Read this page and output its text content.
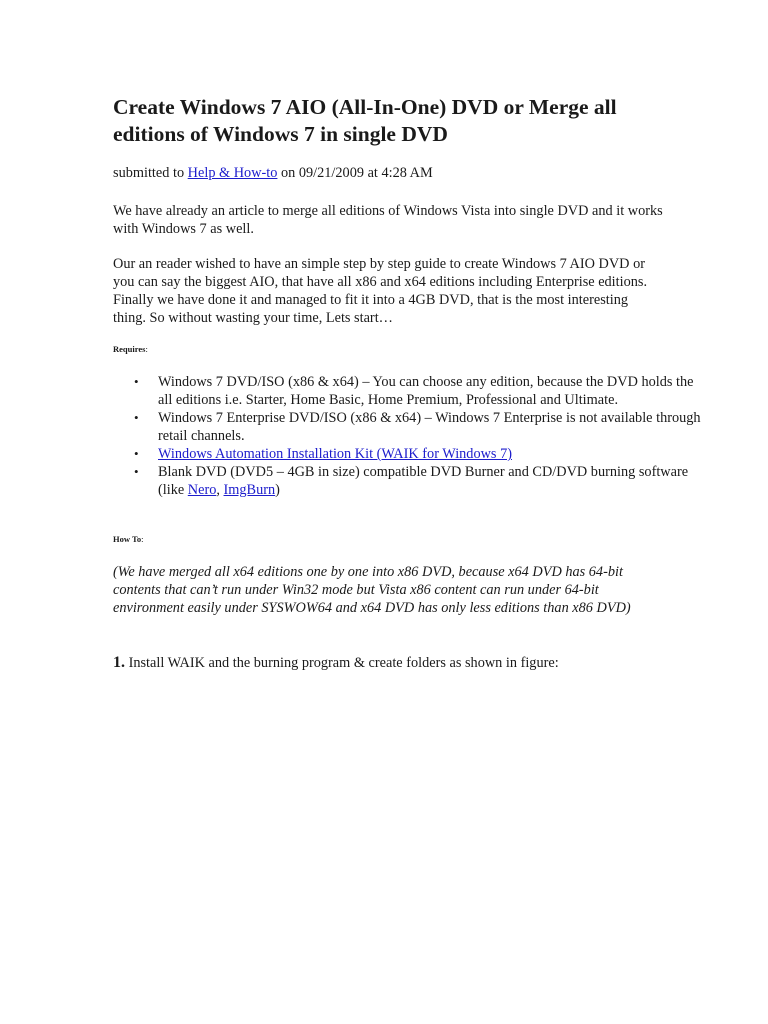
Create Windows 7 AIO (All-In-One) DVD or Merge all editions of Windows 7 in single DVD

submitted to Help & How-to on 09/21/2009 at 4:28 AM

We have already an article to merge all editions of Windows Vista into single DVD and it works with Windows 7 as well.

Our an reader wished to have an simple step by step guide to create Windows 7 AIO DVD or you can say the biggest AIO, that have all x86 and x64 editions including Enterprise editions. Finally we have done it and managed to fit it into a 4GB DVD, that is the most interesting thing. So without wasting your time, Lets start…

Requires:

• Windows 7 DVD/ISO (x86 & x64) – You can choose any edition, because the DVD holds the all editions i.e. Starter, Home Basic, Home Premium, Professional and Ultimate.
• Windows 7 Enterprise DVD/ISO (x86 & x64) – Windows 7 Enterprise is not available through retail channels.
• Windows Automation Installation Kit (WAIK for Windows 7)
• Blank DVD (DVD5 – 4GB in size) compatible DVD Burner and CD/DVD burning software (like Nero, ImgBurn)

How To:

(We have merged all x64 editions one by one into x86 DVD, because x64 DVD has 64-bit contents that can’t run under Win32 mode but Vista x86 content can run under 64-bit environment easily under SYSWOW64 and x64 DVD has only less editions than x86 DVD)

1. Install WAIK and the burning program & create folders as shown in figure:
